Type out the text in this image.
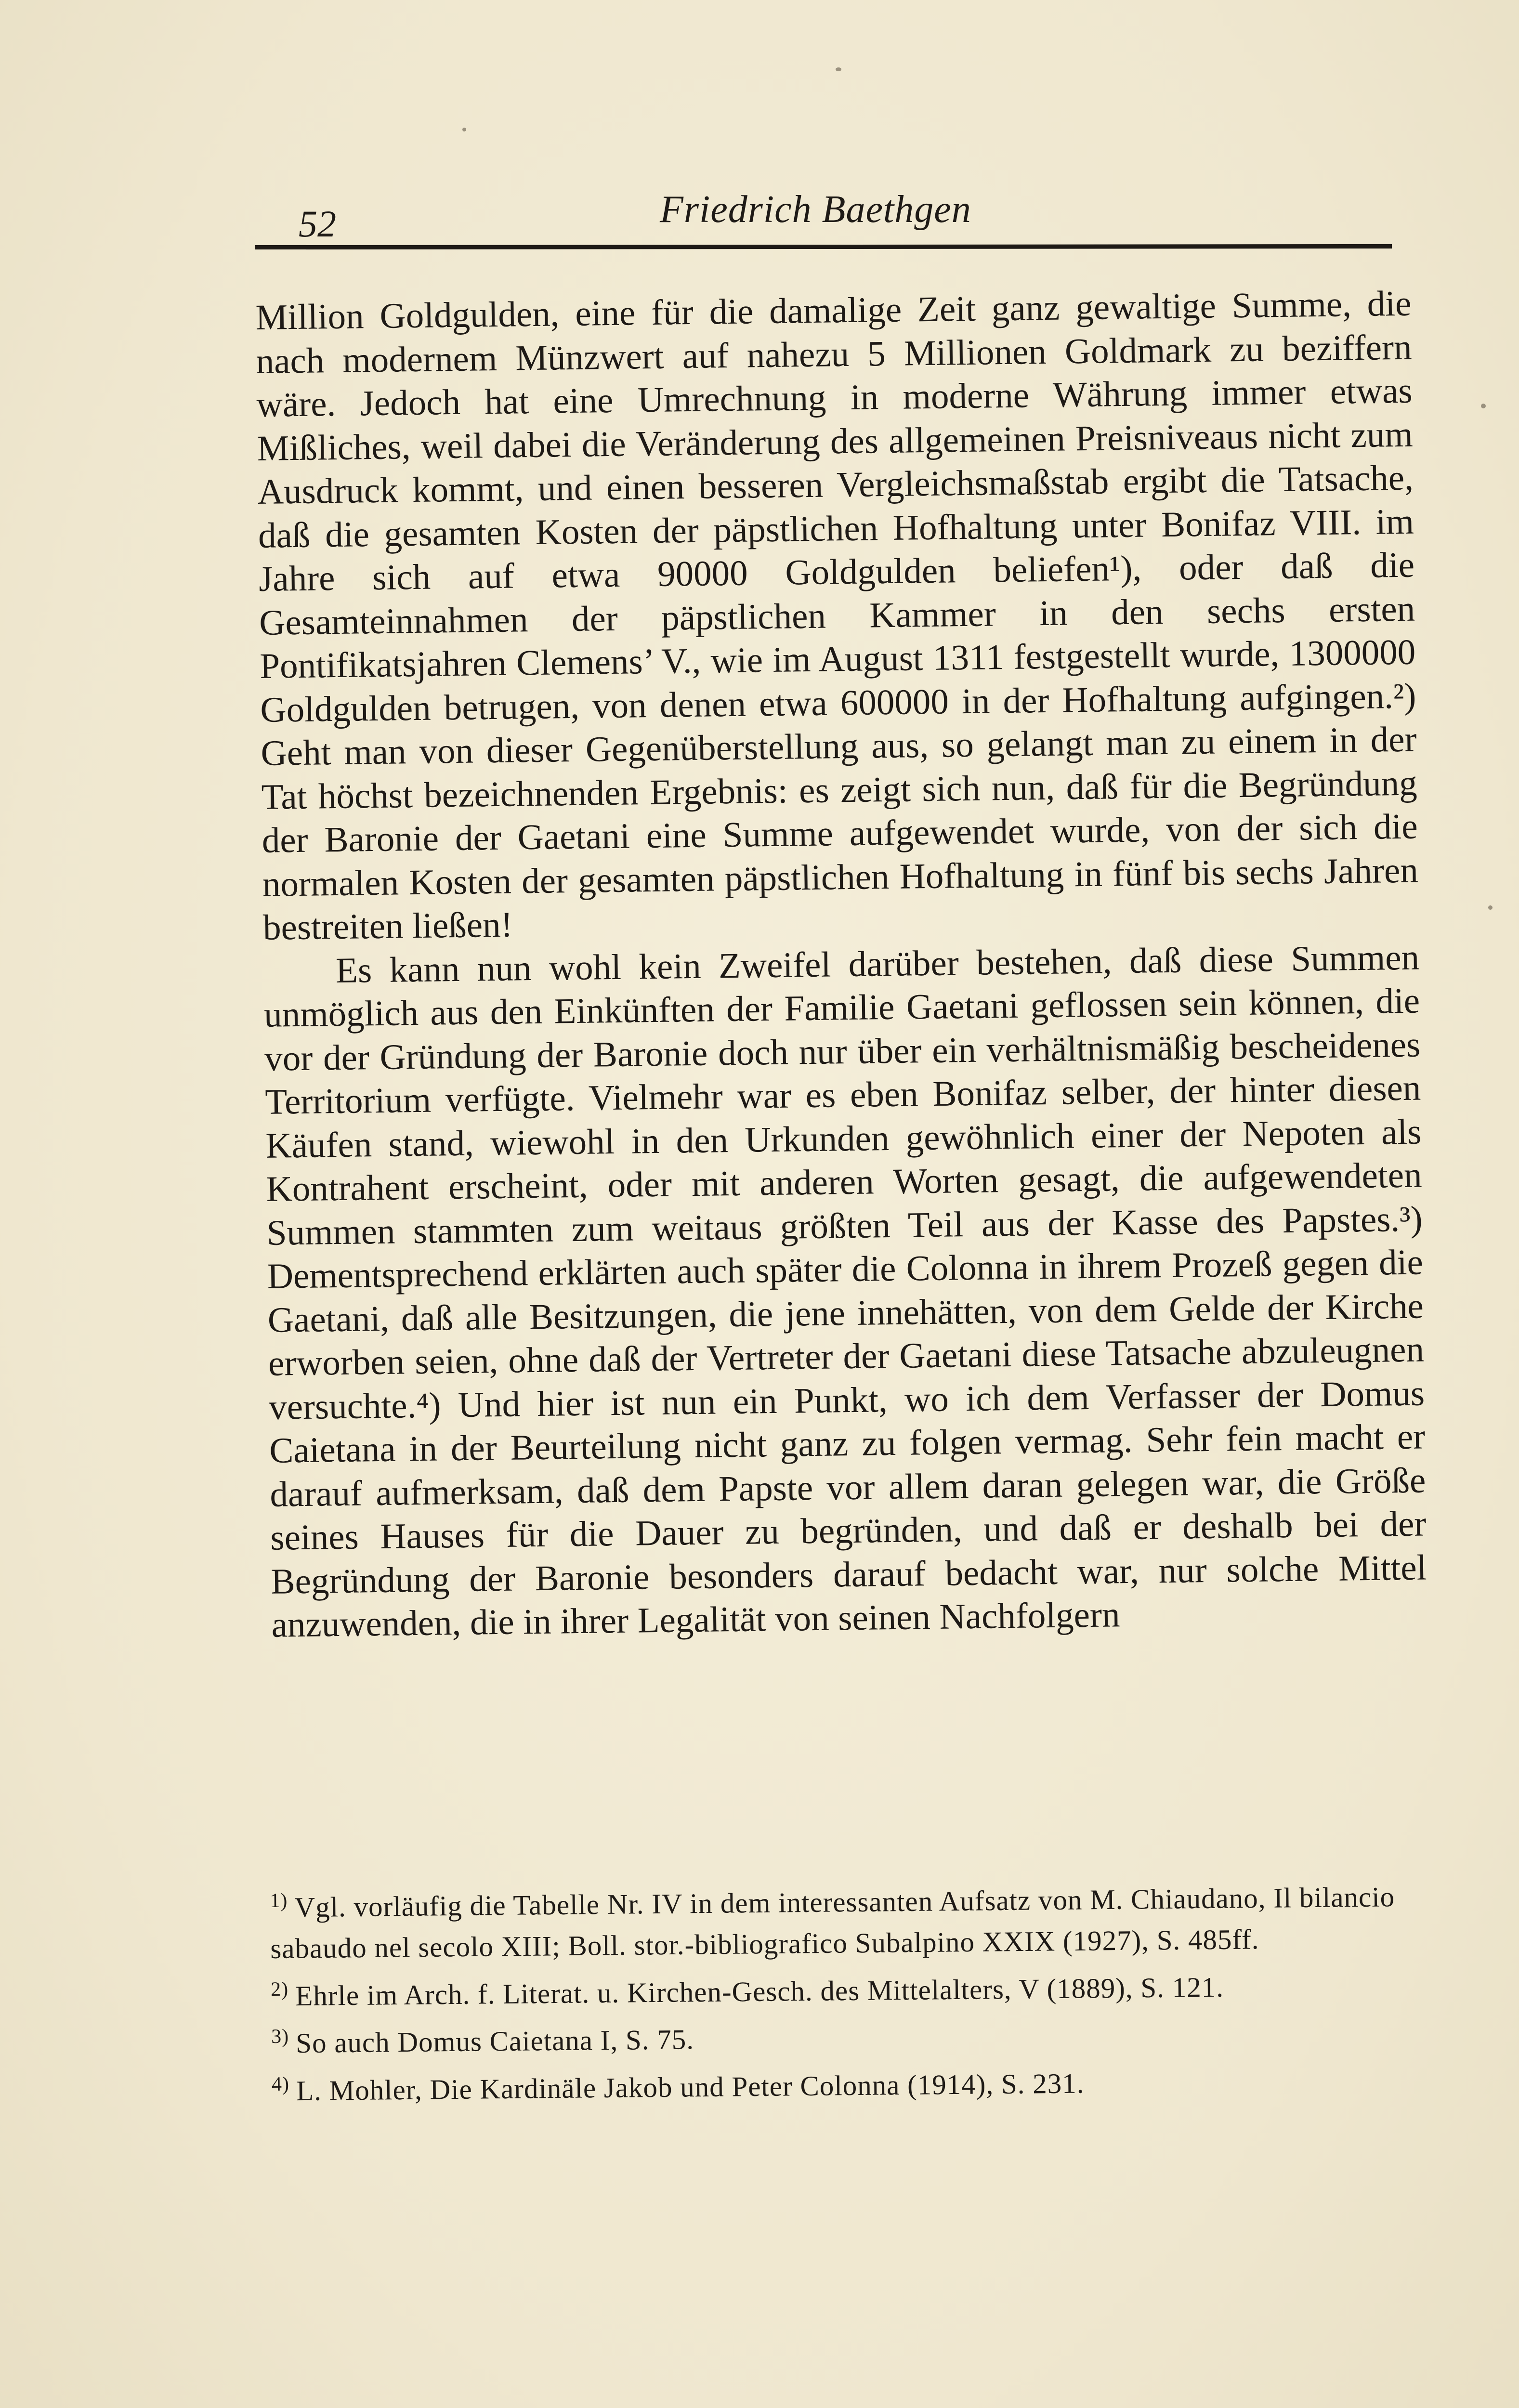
52	Friedrich Baethgen

Million Goldgulden, eine für die damalige Zeit ganz gewaltige Summe, die nach modernem Münzwert auf nahezu 5 Millionen Goldmark zu beziffern wäre. Jedoch hat eine Umrechnung in moderne Währung immer etwas Mißliches, weil dabei die Veränderung des allgemeinen Preisniveaus nicht zum Ausdruck kommt, und einen besseren Vergleichsmaßstab ergibt die Tatsache, daß die gesamten Kosten der päpstlichen Hofhaltung unter Bonifaz VIII. im Jahre sich auf etwa 90000 Goldgulden beliefen¹), oder daß die Gesamteinnahmen der päpstlichen Kammer in den sechs ersten Pontifikatsjahren Clemens’ V., wie im August 1311 festgestellt wurde, 1300000 Goldgulden betrugen, von denen etwa 600000 in der Hofhaltung aufgingen.²) Geht man von dieser Gegenüberstellung aus, so gelangt man zu einem in der Tat höchst bezeichnenden Ergebnis: es zeigt sich nun, daß für die Begründung der Baronie der Gaetani eine Summe aufgewendet wurde, von der sich die normalen Kosten der gesamten päpstlichen Hofhaltung in fünf bis sechs Jahren bestreiten ließen!

Es kann nun wohl kein Zweifel darüber bestehen, daß diese Summen unmöglich aus den Einkünften der Familie Gaetani geflossen sein können, die vor der Gründung der Baronie doch nur über ein verhältnismäßig bescheidenes Territorium verfügte. Vielmehr war es eben Bonifaz selber, der hinter diesen Käufen stand, wiewohl in den Urkunden gewöhnlich einer der Nepoten als Kontrahent erscheint, oder mit anderen Worten gesagt, die aufgewendeten Summen stammten zum weitaus größten Teil aus der Kasse des Papstes.³) Dementsprechend erklärten auch später die Colonna in ihrem Prozeß gegen die Gaetani, daß alle Besitzungen, die jene innehätten, von dem Gelde der Kirche erworben seien, ohne daß der Vertreter der Gaetani diese Tatsache abzuleugnen versuchte.⁴) Und hier ist nun ein Punkt, wo ich dem Verfasser der Domus Caietana in der Beurteilung nicht ganz zu folgen vermag. Sehr fein macht er darauf aufmerksam, daß dem Papste vor allem daran gelegen war, die Größe seines Hauses für die Dauer zu begründen, und daß er deshalb bei der Begründung der Baronie besonders darauf bedacht war, nur solche Mittel anzuwenden, die in ihrer Legalität von seinen Nachfolgern

$^{1)}$ Vgl. vorläufig die Tabelle Nr. IV in dem interessanten Aufsatz von M. Chiaudano, Il bilancio sabaudo nel secolo XIII; Boll. stor.-bibliografico Subalpino XXIX (1927), S. 485ff.

$^{2)}$ Ehrle im Arch. f. Literat. u. Kirchen-Gesch. des Mittelalters, V (1889), S. 121.

$^{3)}$ So auch Domus Caietana I, S. 75.

$^{4)}$ L. Mohler, Die Kardinäle Jakob und Peter Colonna (1914), S. 231.
